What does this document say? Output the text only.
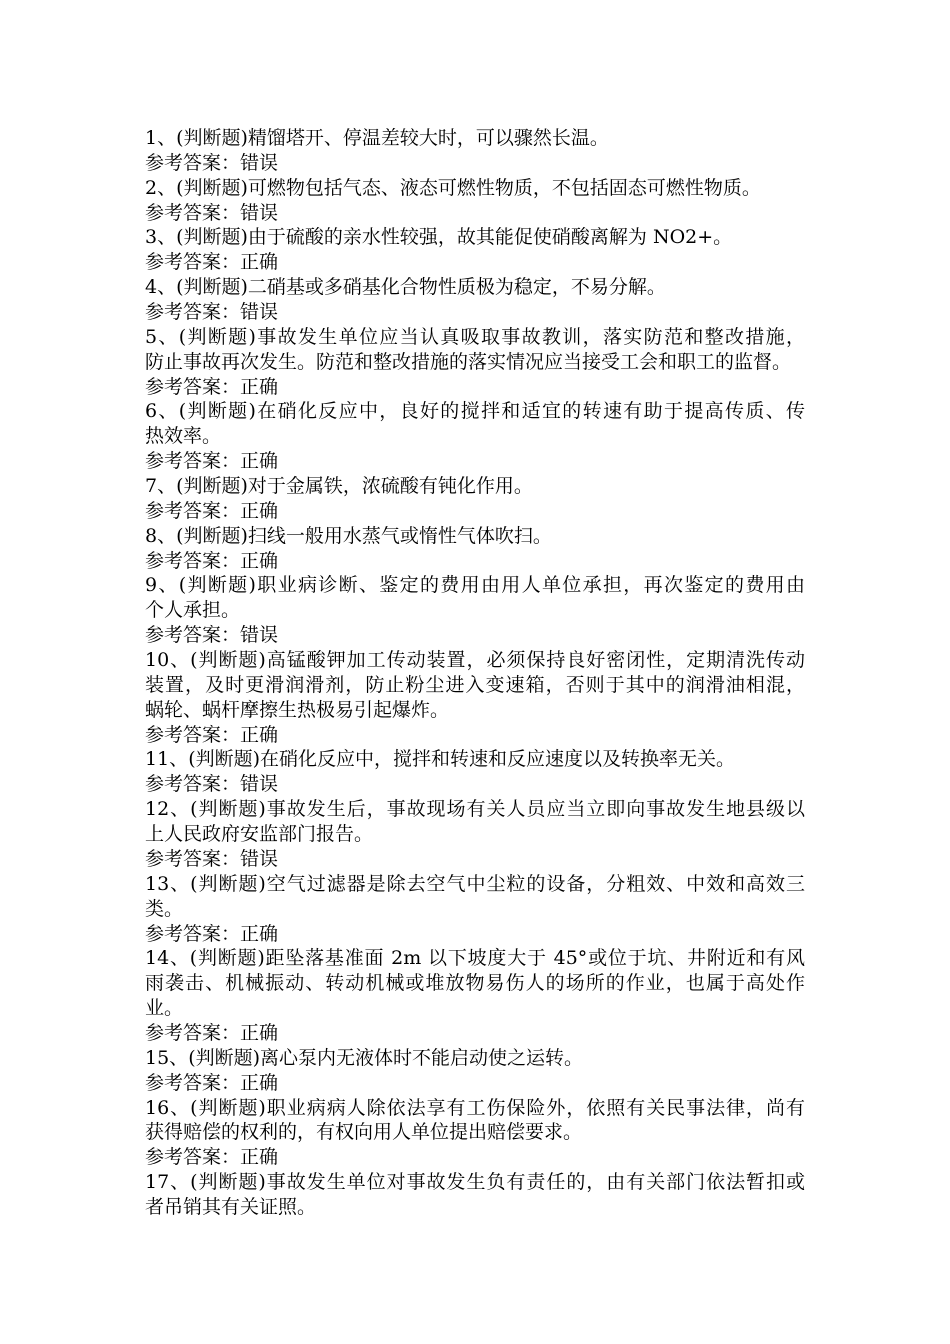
1、(判断题)精馏塔开、停温差较大时，可以骤然长温。
参考答案：错误
2、(判断题)可燃物包括气态、液态可燃性物质，不包括固态可燃性物质。
参考答案：错误
3、(判断题)由于硫酸的亲水性较强，故其能促使硝酸离解为 NO2+。
参考答案：正确
4、(判断题)二硝基或多硝基化合物性质极为稳定，不易分解。
参考答案：错误
5、(判断题)事故发生单位应当认真吸取事故教训，落实防范和整改措施，
防止事故再次发生。防范和整改措施的落实情况应当接受工会和职工的监督。
参考答案：正确
6、(判断题)在硝化反应中，良好的搅拌和适宜的转速有助于提高传质、传
热效率。
参考答案：正确
7、(判断题)对于金属铁，浓硫酸有钝化作用。
参考答案：正确
8、(判断题)扫线一般用水蒸气或惰性气体吹扫。
参考答案：正确
9、(判断题)职业病诊断、鉴定的费用由用人单位承担，再次鉴定的费用由
个人承担。
参考答案：错误
10、(判断题)高锰酸钾加工传动装置，必须保持良好密闭性，定期清洗传动
装置，及时更滑润滑剂，防止粉尘进入变速箱，否则于其中的润滑油相混，
蜗轮、蜗杆摩擦生热极易引起爆炸。
参考答案：正确
11、(判断题)在硝化反应中，搅拌和转速和反应速度以及转换率无关。
参考答案：错误
12、(判断题)事故发生后，事故现场有关人员应当立即向事故发生地县级以
上人民政府安监部门报告。
参考答案：错误
13、(判断题)空气过滤器是除去空气中尘粒的设备，分粗效、中效和高效三
类。
参考答案：正确
14、(判断题)距坠落基准面 2m 以下坡度大于 45°或位于坑、井附近和有风
雨袭击、机械振动、转动机械或堆放物易伤人的场所的作业，也属于高处作
业。
参考答案：正确
15、(判断题)离心泵内无液体时不能启动使之运转。
参考答案：正确
16、(判断题)职业病病人除依法享有工伤保险外，依照有关民事法律，尚有
获得赔偿的权利的，有权向用人单位提出赔偿要求。
参考答案：正确
17、(判断题)事故发生单位对事故发生负有责任的，由有关部门依法暂扣或
者吊销其有关证照。
